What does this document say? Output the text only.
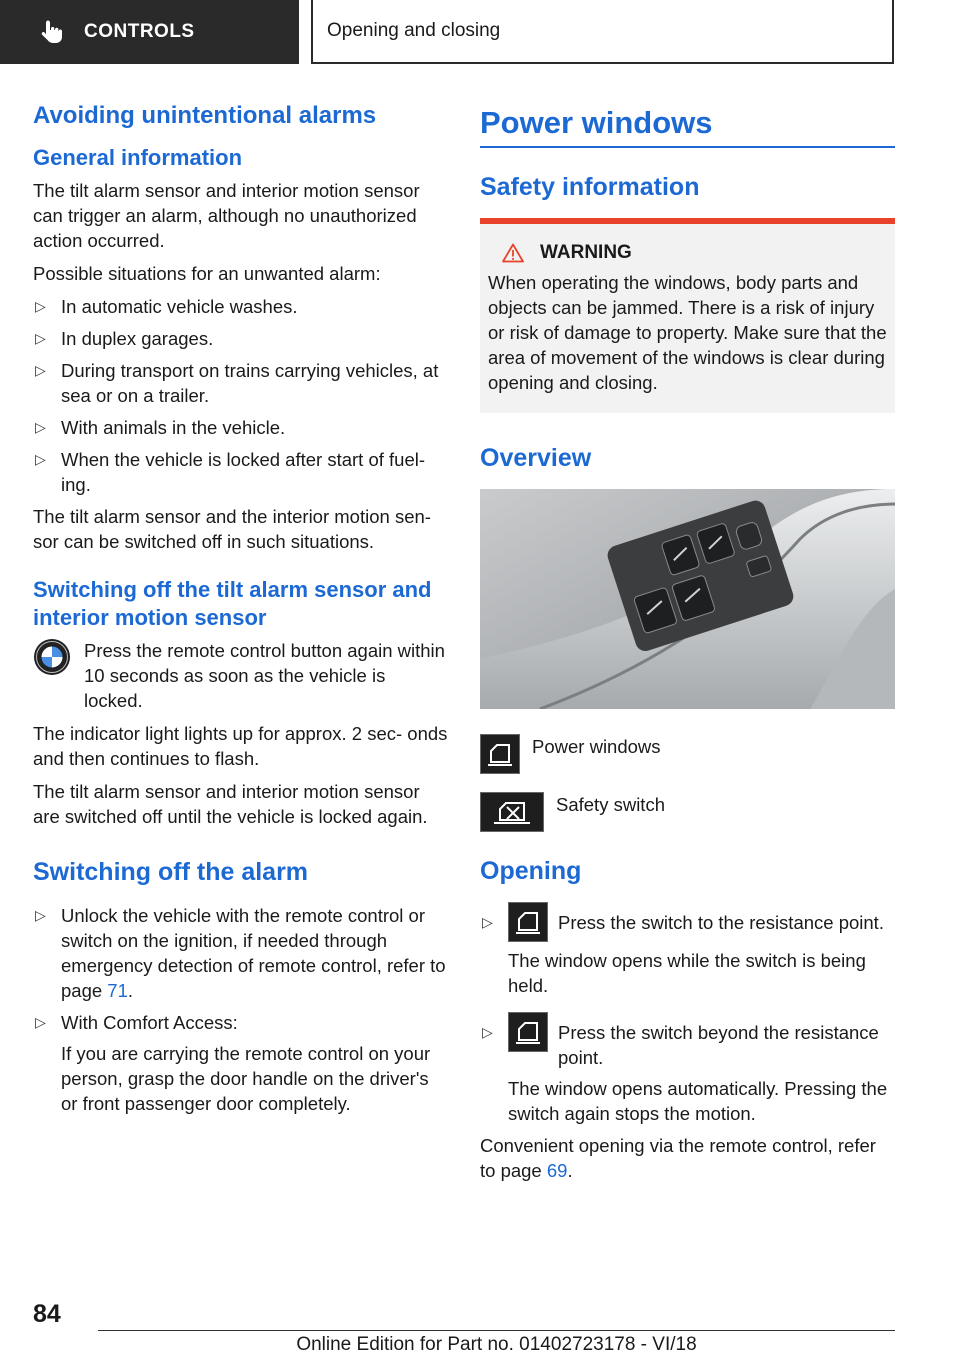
CONTROLS	Opening and closing
Avoiding unintentional alarms
General information

The tilt alarm sensor and interior motion sensor can trigger an alarm, although no unauthorized action occurred.

Possible situations for an unwanted alarm:

▷ In automatic vehicle washes.
▷ In duplex garages.
▷ During transport on trains carrying vehicles, at sea or on a trailer.
▷ With animals in the vehicle.
▷ When the vehicle is locked after start of fuel- ing.

The tilt alarm sensor and the interior motion sen- sor can be switched off in such situations.

Switching off the tilt alarm sensor and interior motion sensor

Press the remote control button again within 10 seconds as soon as the vehicle is locked.

The indicator light lights up for approx. 2 sec- onds and then continues to flash.

The tilt alarm sensor and interior motion sensor are switched off until the vehicle is locked again.

Switching off the alarm
▷ Unlock the vehicle with the remote control or switch on the ignition, if needed through emergency detection of remote control, refer to page 71.
▷ With Comfort Access:
If you are carrying the remote control on your person, grasp the door handle on the driver's or front passenger door completely.
Power windows
Safety information
WARNING

When operating the windows, body parts and objects can be jammed. There is a risk of injury or risk of damage to property. Make sure that the area of movement of the windows is clear during opening and closing.

Overview
Power windows
Safety switch
Opening
▷	Press the switch to the resistance point.
The window opens while the switch is being held.
▷	Press the switch beyond the resistance point.
The window opens automatically. Pressing the switch again stops the motion.

Convenient opening via the remote control, refer to page 69.

84
Online Edition for Part no. 01402723178 - VI/18
